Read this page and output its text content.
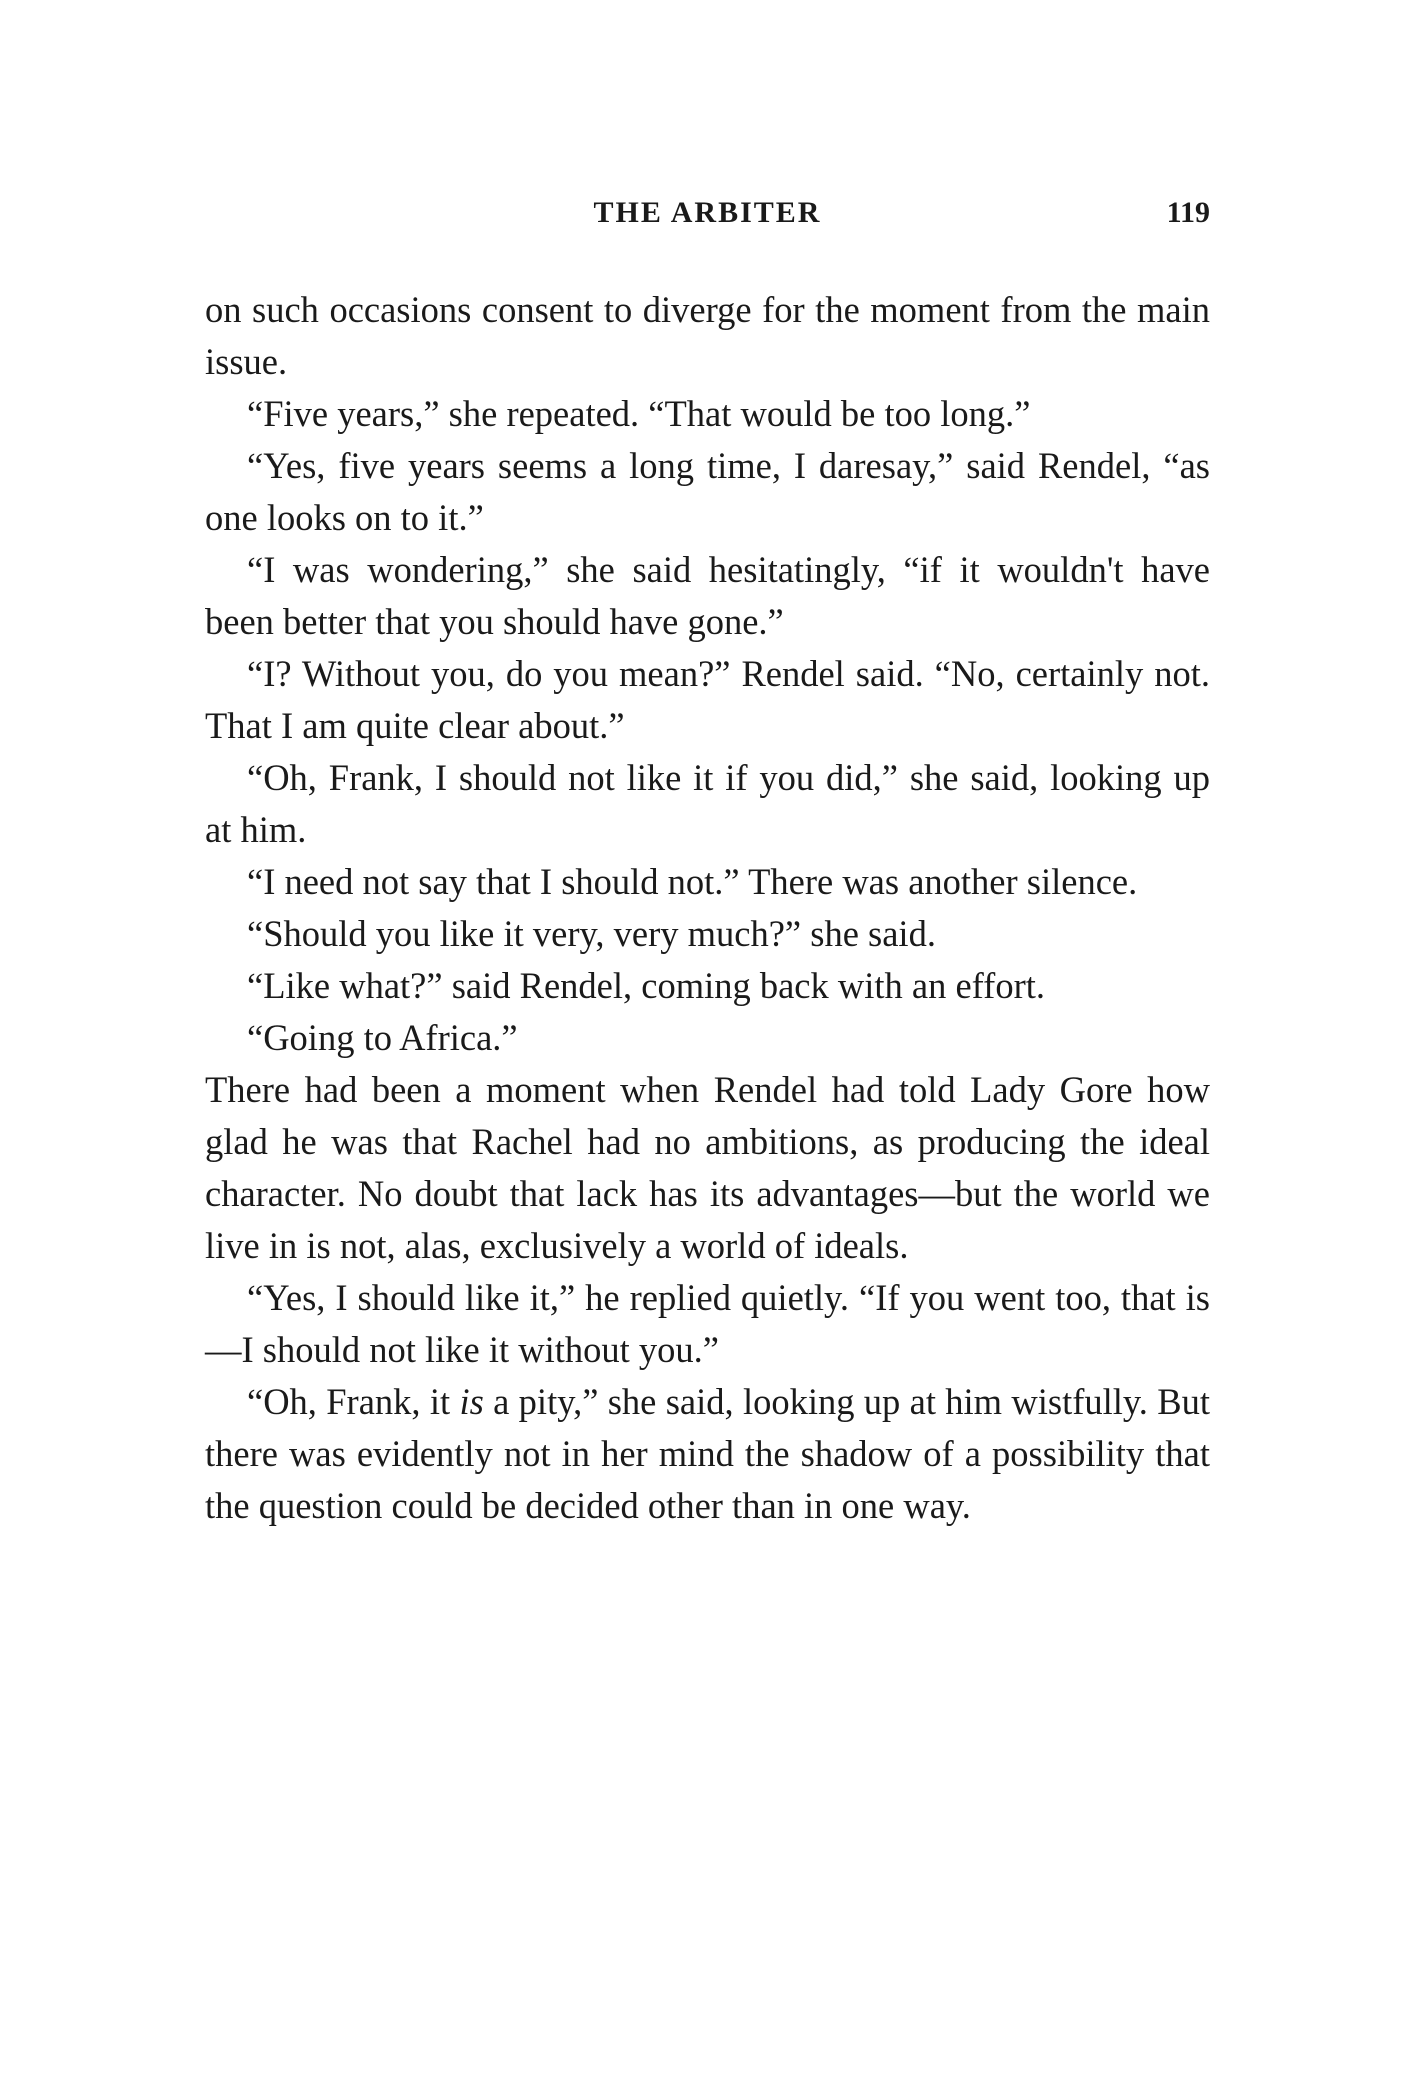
THE ARBITER	119

on such occasions consent to diverge for the moment from the main issue.

“Five years,” she repeated. “That would be too long.”

“Yes, five years seems a long time, I daresay,” said Rendel, “as one looks on to it.”

“I was wondering,” she said hesitatingly, “if it wouldn't have been better that you should have gone.”

“I? Without you, do you mean?” Rendel said. “No, certainly not. That I am quite clear about.”

“Oh, Frank, I should not like it if you did,” she said, looking up at him.

“I need not say that I should not.” There was another silence.

“Should you like it very, very much?” she said.

“Like what?” said Rendel, coming back with an effort.

“Going to Africa.”

There had been a moment when Rendel had told Lady Gore how glad he was that Rachel had no ambitions, as producing the ideal character. No doubt that lack has its advantages—but the world we live in is not, alas, exclusively a world of ideals.

“Yes, I should like it,” he replied quietly. “If you went too, that is—I should not like it without you.”

“Oh, Frank, it is a pity,” she said, looking up at him wistfully. But there was evidently not in her mind the shadow of a possibility that the question could be decided other than in one way.
